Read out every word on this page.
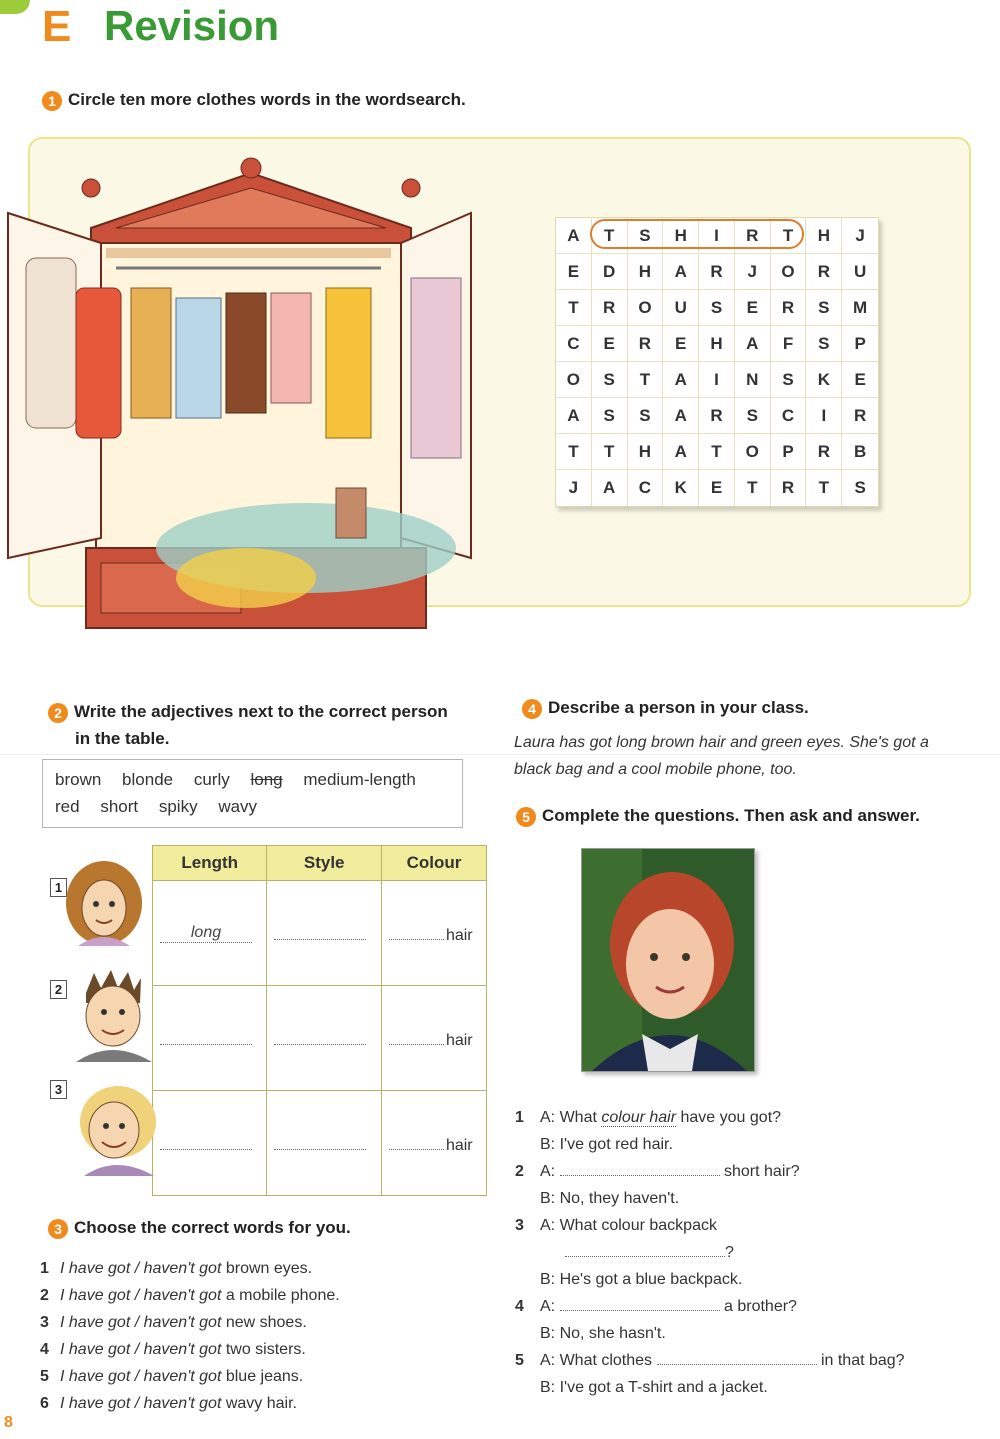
E Revision
1 Circle ten more clothes words in the wordsearch.
A	T	S	H	I	R	T	H	J
E	D	H	A	R	J	O	R	U
T	R	O	U	S	E	R	S	M
C	E	R	E	H	A	F	S	P
O	S	T	A	I	N	S	K	E
A	S	S	A	R	S	C	I	R
T	T	H	A	T	O	P	R	B
J	A	C	K	E	T	R	T	S
2 Write the adjectives next to the correct person
in the table.
brown blonde curly long medium-length
red short spiky wavy
Length	Style	Colour
long		hair
		hair
		hair
1
2
3
3 Choose the correct words for you.
1 I have got / haven't got brown eyes.
2 I have got / haven't got a mobile phone.
3 I have got / haven't got new shoes.
4 I have got / haven't got two sisters.
5 I have got / haven't got blue jeans.
6 I have got / haven't got wavy hair.
4 Describe a person in your class.
Laura has got long brown hair and green eyes. She's got a
black bag and a cool mobile phone, too.
5 Complete the questions. Then ask and answer.
1 A: What colour hair have you got?
B: I've got red hair.
2 A:	short hair?
B: No, they haven't.
3 A: What colour backpack
?
B: He's got a blue backpack.
4 A:	a brother?
B: No, she hasn't.
5 A: What clothes	in that bag?
B: I've got a T-shirt and a jacket.
8
